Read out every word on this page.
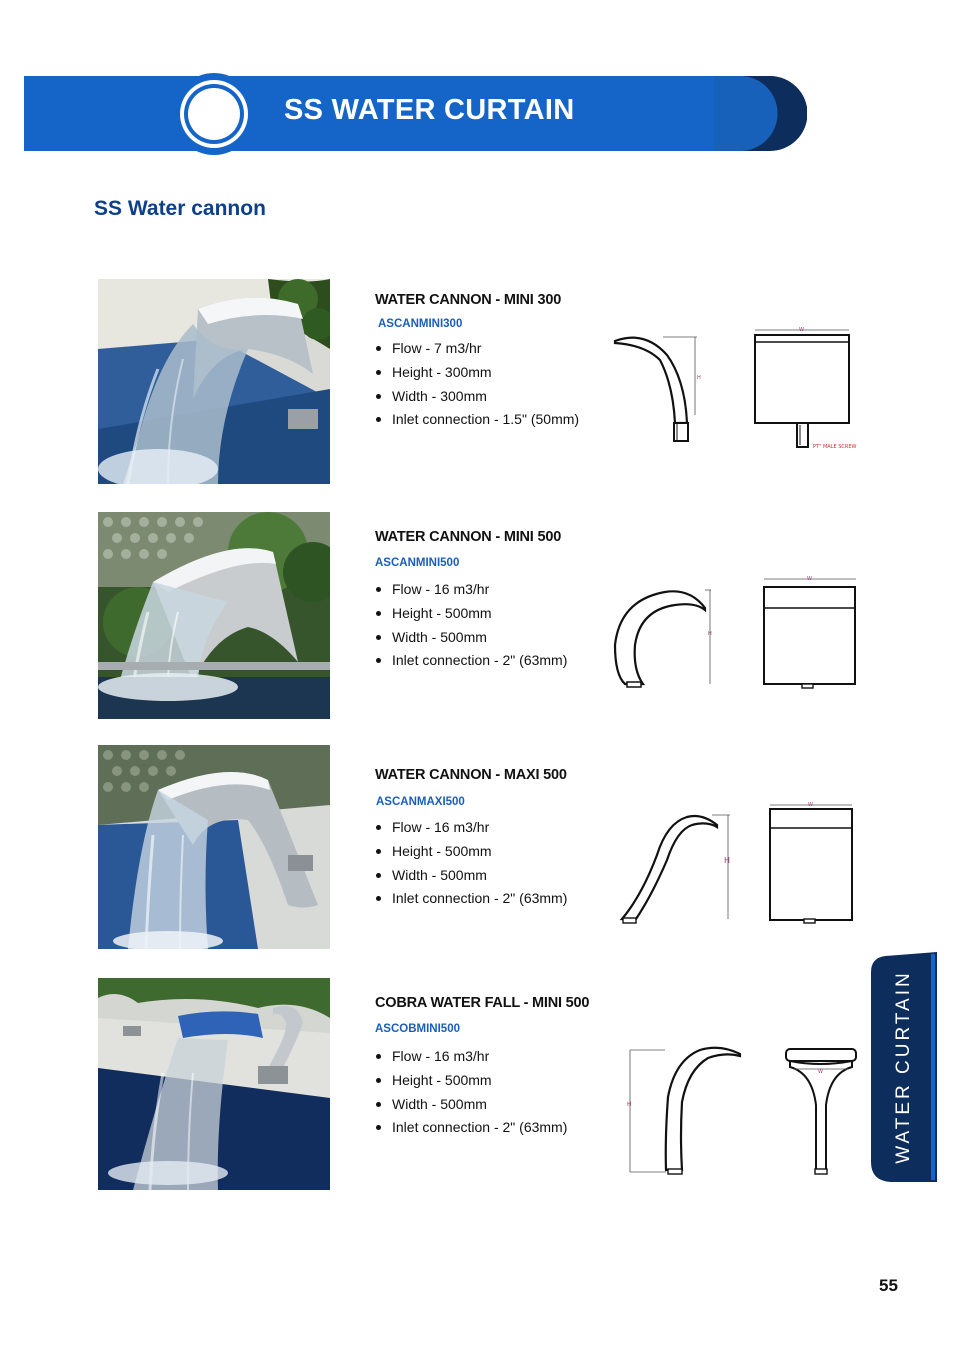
SS WATER CURTAIN
SS Water cannon
WATER CANNON - MINI 300
ASCANMINI300
Flow - 7 m3/hr
Height - 300mm
Width - 300mm
Inlet connection - 1.5" (50mm)
H
W
PT" MALE SCREW
WATER CANNON - MINI 500
ASCANMINI500
Flow - 16 m3/hr
Height - 500mm
Width - 500mm
Inlet connection - 2" (63mm)
H
W
WATER CANNON - MAXI 500
ASCANMAXI500
Flow - 16 m3/hr
Height - 500mm
Width - 500mm
Inlet connection - 2" (63mm)
H
W
COBRA WATER FALL - MINI 500
ASCOBMINI500
Flow - 16 m3/hr
Height - 500mm
Width - 500mm
Inlet connection - 2" (63mm)
H
W	WATER CURTAIN
55
